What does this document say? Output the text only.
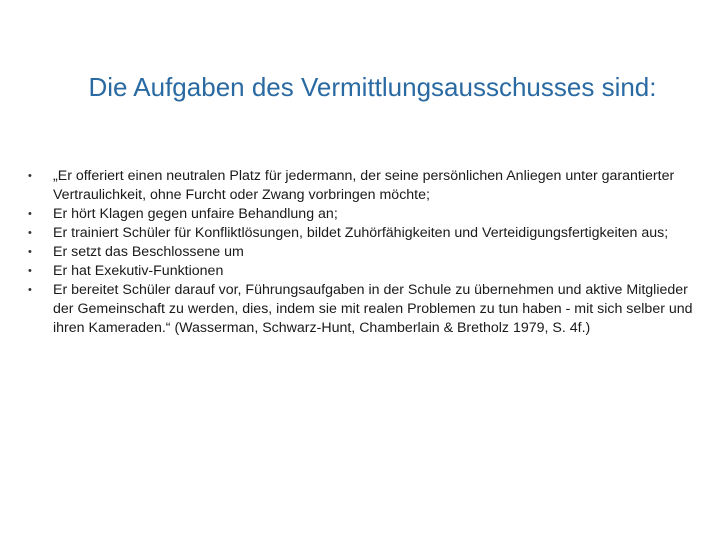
Die Aufgaben des Vermittlungsausschusses sind:
• „Er offeriert einen neutralen Platz für jedermann, der seine persönlichen Anliegen unter garantierter Vertraulichkeit, ohne Furcht oder Zwang vorbringen möchte;
• Er hört Klagen gegen unfaire Behandlung an;
• Er trainiert Schüler für Konfliktlösungen, bildet Zuhörfähigkeiten und Verteidigungsfertigkeiten aus;
• Er setzt das Beschlossene um
• Er hat Exekutiv-Funktionen
• Er bereitet Schüler darauf vor, Führungsaufgaben in der Schule zu übernehmen und aktive Mitglieder der Gemeinschaft zu werden, dies, indem sie mit realen Problemen zu tun haben - mit sich selber und ihren Kameraden.“ (Wasserman, Schwarz-Hunt, Chamberlain & Bretholz 1979, S. 4f.)
